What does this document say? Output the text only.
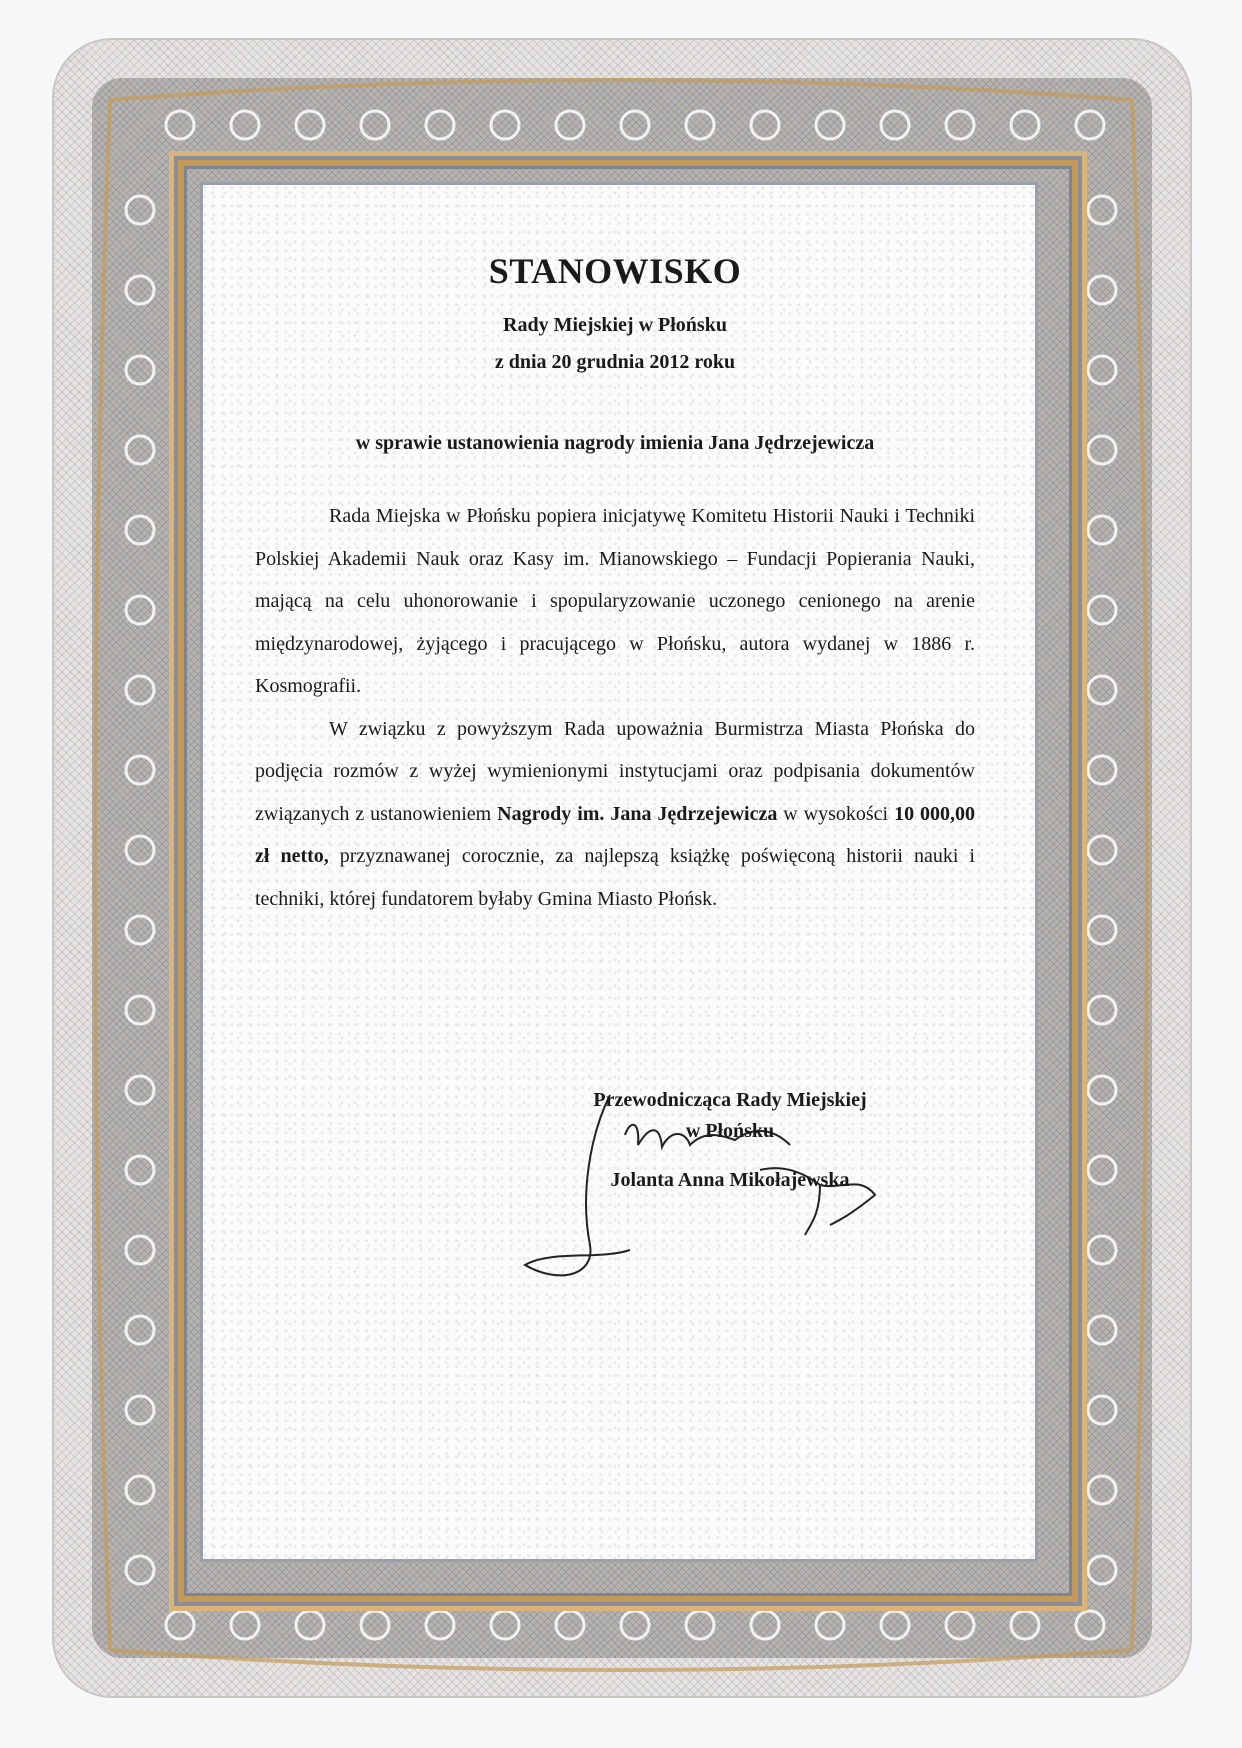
STANOWISKO

Rady Miejskiej w Płońsku

z dnia 20 grudnia 2012 roku

w sprawie ustanowienia nagrody imienia Jana Jędrzejewicza

Rada Miejska w Płońsku popiera inicjatywę Komitetu Historii Nauki i Techniki Polskiej Akademii Nauk oraz Kasy im. Mianowskiego – Fundacji Popierania Nauki, mającą na celu uhonorowanie i spopularyzowanie uczonego cenionego na arenie międzynarodowej, żyjącego i pracującego w Płońsku, autora wydanej w 1886 r. Kosmografii.

W związku z powyższym Rada upoważnia Burmistrza Miasta Płońska do podjęcia rozmów z wyżej wymienionymi instytucjami oraz podpisania dokumentów związanych z ustanowieniem Nagrody im. Jana Jędrzejewicza w wysokości 10 000,00 zł netto, przyznawanej corocznie, za najlepszą książkę poświęconą historii nauki i techniki, której fundatorem byłaby Gmina Miasto Płońsk.

Przewodnicząca Rady Miejskiej
w Płońsku
Jolanta Anna Mikołajewska
